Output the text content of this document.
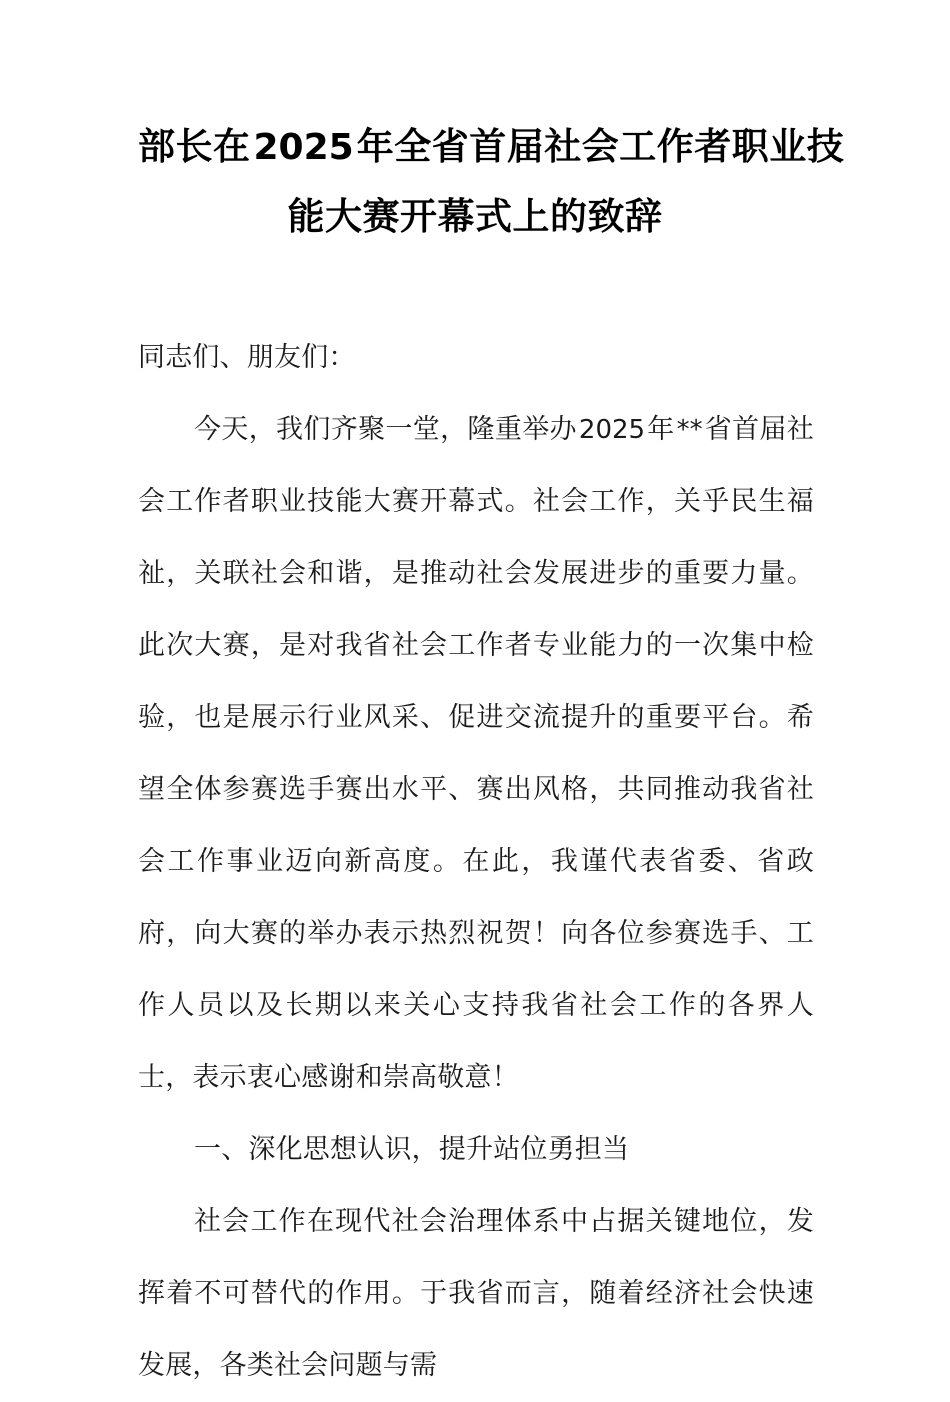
部长在2025年全省首届社会工作者职业技
能大赛开幕式上的致辞

同志们、朋友们：

今天，我们齐聚一堂，隆重举办2025年**省首届社会工作者职业技能大赛开幕式。社会工作，关乎民生福祉，关联社会和谐，是推动社会发展进步的重要力量。此次大赛，是对我省社会工作者专业能力的一次集中检验，也是展示行业风采、促进交流提升的重要平台。希望全体参赛选手赛出水平、赛出风格，共同推动我省社会工作事业迈向新高度。在此，我谨代表省委、省政府，向大赛的举办表示热烈祝贺！向各位参赛选手、工作人员以及长期以来关心支持我省社会工作的各界人士，表示衷心感谢和崇高敬意！

一、深化思想认识，提升站位勇担当

社会工作在现代社会治理体系中占据关键地位，发挥着不可替代的作用。于我省而言，随着经济社会快速发展，各类社会问题与需
